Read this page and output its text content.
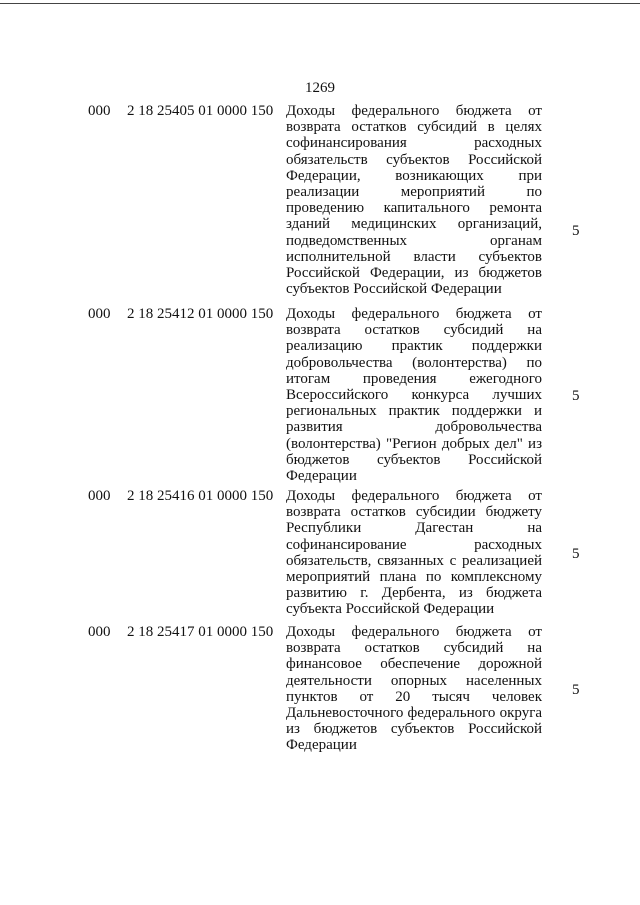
1269
000 2 18 25405 01 0000 150 Доходы федерального бюджета от возврата остатков субсидий в целях софинансирования расходных обязательств субъектов Российской Федерации, возникающих при реализации мероприятий по проведению капитального ремонта зданий медицинских организаций, подведомственных органам исполнительной власти субъектов Российской Федерации, из бюджетов субъектов Российской Федерации
5
000 2 18 25412 01 0000 150 Доходы федерального бюджета от возврата остатков субсидий на реализацию практик поддержки добровольчества (волонтерства) по итогам проведения ежегодного Всероссийского конкурса лучших региональных практик поддержки и развития добровольчества (волонтерства) "Регион добрых дел" из бюджетов субъектов Российской Федерации
5
000 2 18 25416 01 0000 150 Доходы федерального бюджета от возврата остатков субсидии бюджету Республики Дагестан на софинансирование расходных обязательств, связанных с реализацией мероприятий плана по комплексному развитию г. Дербента, из бюджета субъекта Российской Федерации
5
000 2 18 25417 01 0000 150 Доходы федерального бюджета от возврата остатков субсидий на финансовое обеспечение дорожной деятельности опорных населенных пунктов от 20 тысяч человек Дальневосточного федерального округа из бюджетов субъектов Российской Федерации
5
